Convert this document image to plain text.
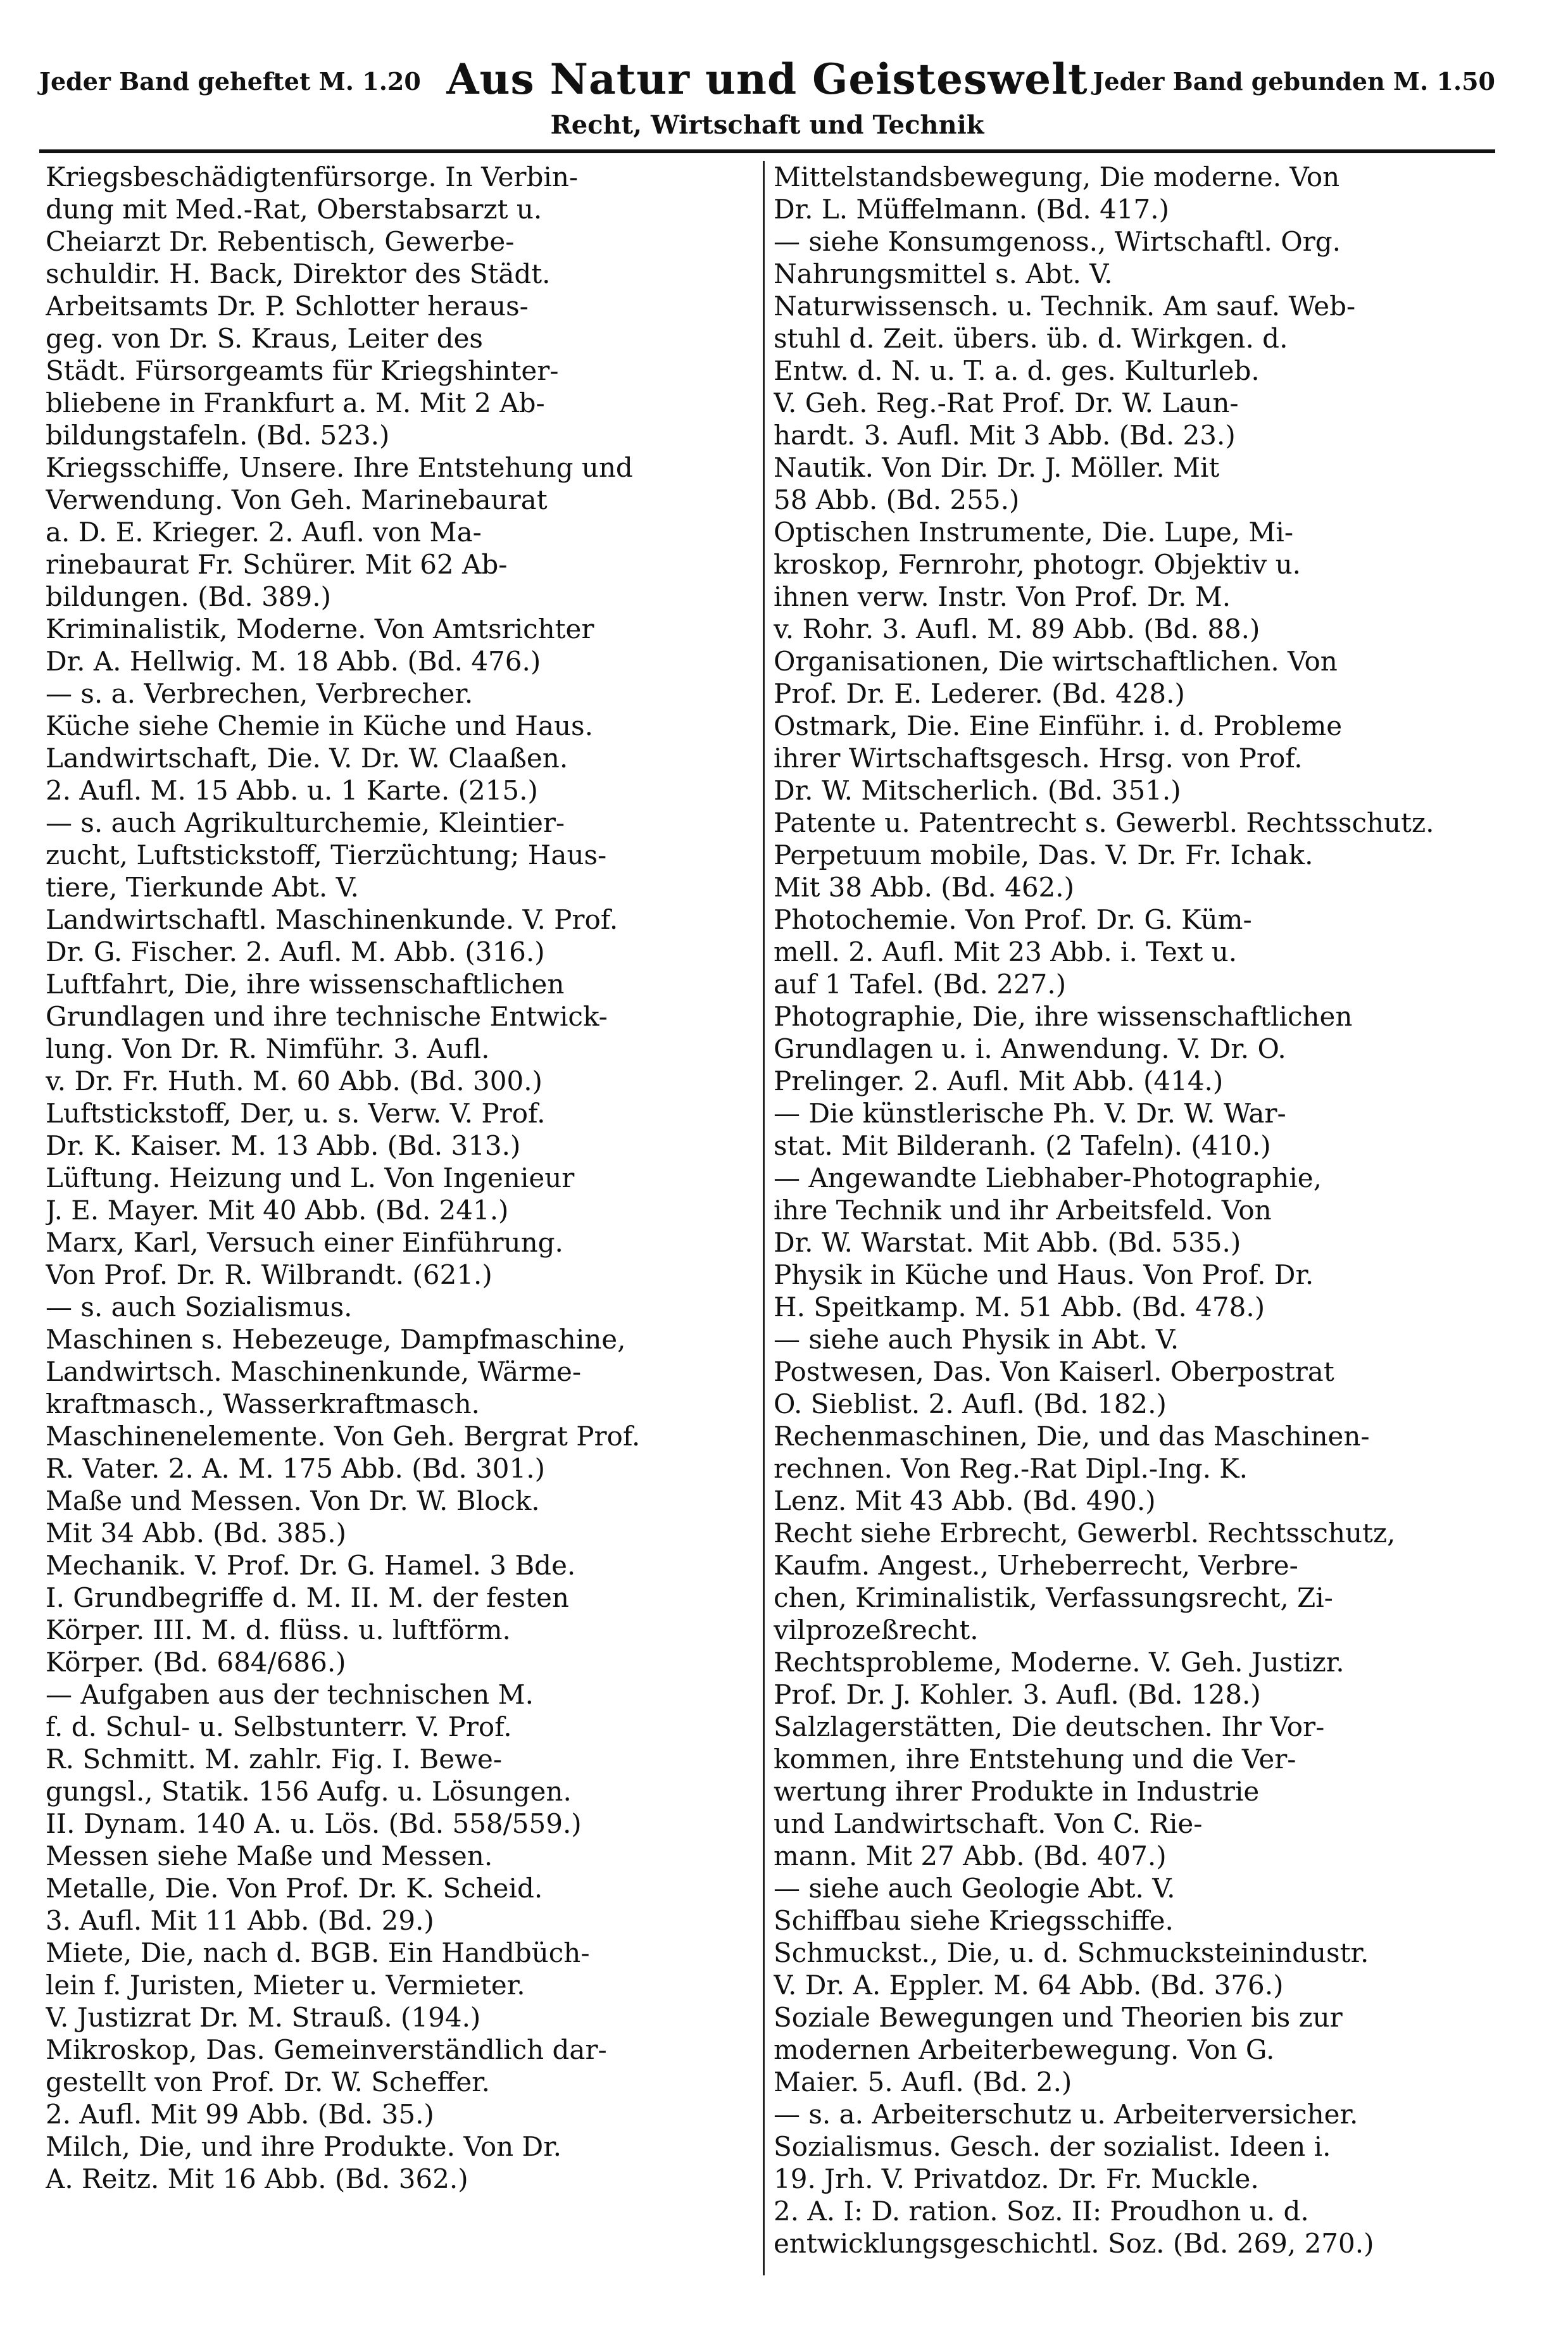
Jeder Band geheftet M. 1.20 Aus Natur und Geisteswelt Jeder Band gebunden M. 1.50
Recht, Wirtschaft und Technik
Kriegsbeschädigtenfürsorge. In Verbin-
dung mit Med.-Rat, Oberstabsarzt u.
Cheiarzt Dr. Rebentisch, Gewerbe-
schuldir. H. Back, Direktor des Städt.
Arbeitsamts Dr. P. Schlotter heraus-
geg. von Dr. S. Kraus, Leiter des
Städt. Fürsorgeamts für Kriegshinter-
bliebene in Frankfurt a. M. Mit 2 Ab-
bildungstafeln. (Bd. 523.)
Kriegsschiffe, Unsere. Ihre Entstehung und
Verwendung. Von Geh. Marinebaurat
a. D. E. Krieger. 2. Aufl. von Ma-
rinebaurat Fr. Schürer. Mit 62 Ab-
bildungen. (Bd. 389.)
Kriminalistik, Moderne. Von Amtsrichter
Dr. A. Hellwig. M. 18 Abb. (Bd. 476.)
— s. a. Verbrechen, Verbrecher.
Küche siehe Chemie in Küche und Haus.
Landwirtschaft, Die. V. Dr. W. Claaßen.
2. Aufl. M. 15 Abb. u. 1 Karte. (215.)
— s. auch Agrikulturchemie, Kleintier-
zucht, Luftstickstoff, Tierzüchtung; Haus-
tiere, Tierkunde Abt. V.
Landwirtschaftl. Maschinenkunde. V. Prof.
Dr. G. Fischer. 2. Aufl. M. Abb. (316.)
Luftfahrt, Die, ihre wissenschaftlichen
Grundlagen und ihre technische Entwick-
lung. Von Dr. R. Nimführ. 3. Aufl.
v. Dr. Fr. Huth. M. 60 Abb. (Bd. 300.)
Luftstickstoff, Der, u. s. Verw. V. Prof.
Dr. K. Kaiser. M. 13 Abb. (Bd. 313.)
Lüftung. Heizung und L. Von Ingenieur
J. E. Mayer. Mit 40 Abb. (Bd. 241.)
Marx, Karl, Versuch einer Einführung.
Von Prof. Dr. R. Wilbrandt. (621.)
— s. auch Sozialismus.
Maschinen s. Hebezeuge, Dampfmaschine,
Landwirtsch. Maschinenkunde, Wärme-
kraftmasch., Wasserkraftmasch.
Maschinenelemente. Von Geh. Bergrat Prof.
R. Vater. 2. A. M. 175 Abb. (Bd. 301.)
Maße und Messen. Von Dr. W. Block.
Mit 34 Abb. (Bd. 385.)
Mechanik. V. Prof. Dr. G. Hamel. 3 Bde.
I. Grundbegriffe d. M. II. M. der festen
Körper. III. M. d. flüss. u. luftförm.
Körper. (Bd. 684/686.)
— Aufgaben aus der technischen M.
f. d. Schul- u. Selbstunterr. V. Prof.
R. Schmitt. M. zahlr. Fig. I. Bewe-
gungsl., Statik. 156 Aufg. u. Lösungen.
II. Dynam. 140 A. u. Lös. (Bd. 558/559.)
Messen siehe Maße und Messen.
Metalle, Die. Von Prof. Dr. K. Scheid.
3. Aufl. Mit 11 Abb. (Bd. 29.)
Miete, Die, nach d. BGB. Ein Handbüch-
lein f. Juristen, Mieter u. Vermieter.
V. Justizrat Dr. M. Strauß. (194.)
Mikroskop, Das. Gemeinverständlich dar-
gestellt von Prof. Dr. W. Scheffer.
2. Aufl. Mit 99 Abb. (Bd. 35.)
Milch, Die, und ihre Produkte. Von Dr.
A. Reitz. Mit 16 Abb. (Bd. 362.)
Mittelstandsbewegung, Die moderne. Von
Dr. L. Müffelmann. (Bd. 417.)
— siehe Konsumgenoss., Wirtschaftl. Org.
Nahrungsmittel s. Abt. V.
Naturwissensch. u. Technik. Am sauf. Web-
stuhl d. Zeit. übers. üb. d. Wirkgen. d.
Entw. d. N. u. T. a. d. ges. Kulturleb.
V. Geh. Reg.-Rat Prof. Dr. W. Laun-
hardt. 3. Aufl. Mit 3 Abb. (Bd. 23.)
Nautik. Von Dir. Dr. J. Möller. Mit
58 Abb. (Bd. 255.)
Optischen Instrumente, Die. Lupe, Mi-
kroskop, Fernrohr, photogr. Objektiv u.
ihnen verw. Instr. Von Prof. Dr. M.
v. Rohr. 3. Aufl. M. 89 Abb. (Bd. 88.)
Organisationen, Die wirtschaftlichen. Von
Prof. Dr. E. Lederer. (Bd. 428.)
Ostmark, Die. Eine Einführ. i. d. Probleme
ihrer Wirtschaftsgesch. Hrsg. von Prof.
Dr. W. Mitscherlich. (Bd. 351.)
Patente u. Patentrecht s. Gewerbl. Rechtsschutz.
Perpetuum mobile, Das. V. Dr. Fr. Ichak.
Mit 38 Abb. (Bd. 462.)
Photochemie. Von Prof. Dr. G. Küm-
mell. 2. Aufl. Mit 23 Abb. i. Text u.
auf 1 Tafel. (Bd. 227.)
Photographie, Die, ihre wissenschaftlichen
Grundlagen u. i. Anwendung. V. Dr. O.
Prelinger. 2. Aufl. Mit Abb. (414.)
— Die künstlerische Ph. V. Dr. W. War-
stat. Mit Bilderanh. (2 Tafeln). (410.)
— Angewandte Liebhaber-Photographie,
ihre Technik und ihr Arbeitsfeld. Von
Dr. W. Warstat. Mit Abb. (Bd. 535.)
Physik in Küche und Haus. Von Prof. Dr.
H. Speitkamp. M. 51 Abb. (Bd. 478.)
— siehe auch Physik in Abt. V.
Postwesen, Das. Von Kaiserl. Oberpostrat
O. Sieblist. 2. Aufl. (Bd. 182.)
Rechenmaschinen, Die, und das Maschinen-
rechnen. Von Reg.-Rat Dipl.-Ing. K.
Lenz. Mit 43 Abb. (Bd. 490.)
Recht siehe Erbrecht, Gewerbl. Rechtsschutz,
Kaufm. Angest., Urheberrecht, Verbre-
chen, Kriminalistik, Verfassungsrecht, Zi-
vilprozeßrecht.
Rechtsprobleme, Moderne. V. Geh. Justizr.
Prof. Dr. J. Kohler. 3. Aufl. (Bd. 128.)
Salzlagerstätten, Die deutschen. Ihr Vor-
kommen, ihre Entstehung und die Ver-
wertung ihrer Produkte in Industrie
und Landwirtschaft. Von C. Rie-
mann. Mit 27 Abb. (Bd. 407.)
— siehe auch Geologie Abt. V.
Schiffbau siehe Kriegsschiffe.
Schmuckst., Die, u. d. Schmucksteinindustr.
V. Dr. A. Eppler. M. 64 Abb. (Bd. 376.)
Soziale Bewegungen und Theorien bis zur
modernen Arbeiterbewegung. Von G.
Maier. 5. Aufl. (Bd. 2.)
— s. a. Arbeiterschutz u. Arbeiterversicher.
Sozialismus. Gesch. der sozialist. Ideen i.
19. Jrh. V. Privatdoz. Dr. Fr. Muckle.
2. A. I: D. ration. Soz. II: Proudhon u. d.
entwicklungsgeschichtl. Soz. (Bd. 269, 270.)
